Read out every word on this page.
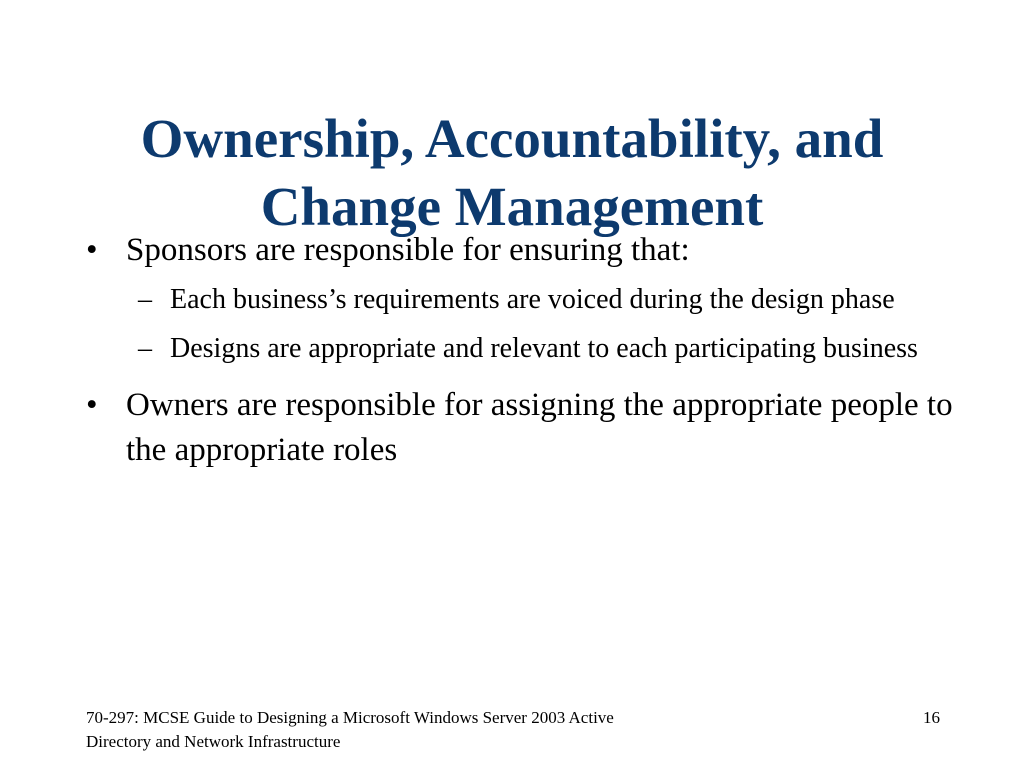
Ownership, Accountability, and
Change Management
• Sponsors are responsible for ensuring that:
– Each business’s requirements are voiced during the design phase
– Designs are appropriate and relevant to each participating business
• Owners are responsible for assigning the appropriate people to the appropriate roles
70-297: MCSE Guide to Designing a Microsoft Windows Server 2003 Active Directory and Network Infrastructure
16
